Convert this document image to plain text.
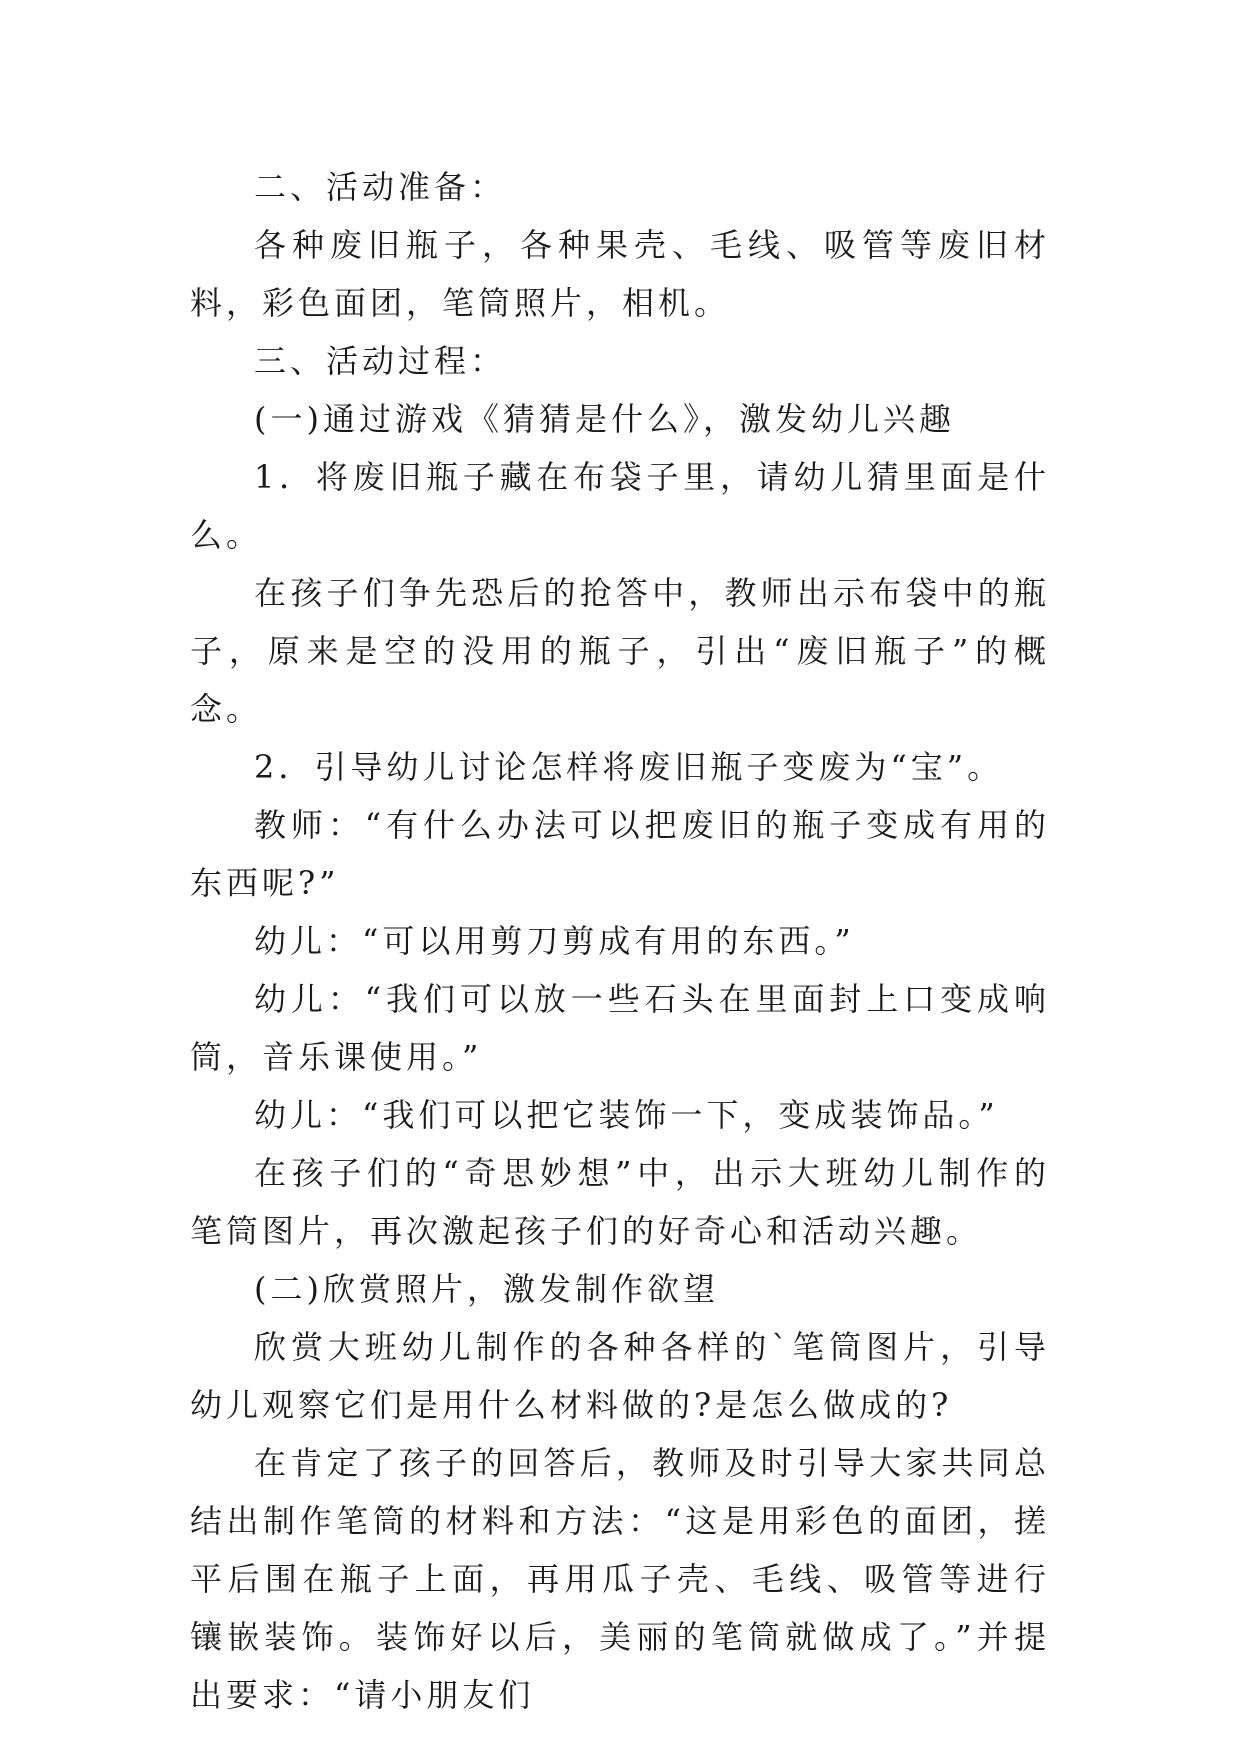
二、活动准备：

各种废旧瓶子，各种果壳、毛线、吸管等废旧材料，彩色面团，笔筒照片，相机。

三、活动过程：

(一)通过游戏《猜猜是什么》，激发幼儿兴趣

1．将废旧瓶子藏在布袋子里，请幼儿猜里面是什么。

在孩子们争先恐后的抢答中，教师出示布袋中的瓶子，原来是空的没用的瓶子，引出“废旧瓶子”的概念。

2．引导幼儿讨论怎样将废旧瓶子变废为“宝”。

教师：“有什么办法可以把废旧的瓶子变成有用的东西呢?”

幼儿：“可以用剪刀剪成有用的东西。”

幼儿：“我们可以放一些石头在里面封上口变成响筒，音乐课使用。”

幼儿：“我们可以把它装饰一下，变成装饰品。”

在孩子们的“奇思妙想”中，出示大班幼儿制作的笔筒图片，再次激起孩子们的好奇心和活动兴趣。

(二)欣赏照片，激发制作欲望

欣赏大班幼儿制作的各种各样的`笔筒图片，引导幼儿观察它们是用什么材料做的?是怎么做成的?

在肯定了孩子的回答后，教师及时引导大家共同总结出制作笔筒的材料和方法：“这是用彩色的面团，搓平后围在瓶子上面，再用瓜子壳、毛线、吸管等进行镶嵌装饰。装饰好以后，美丽的笔筒就做成了。”并提出要求：“请小朋友们
